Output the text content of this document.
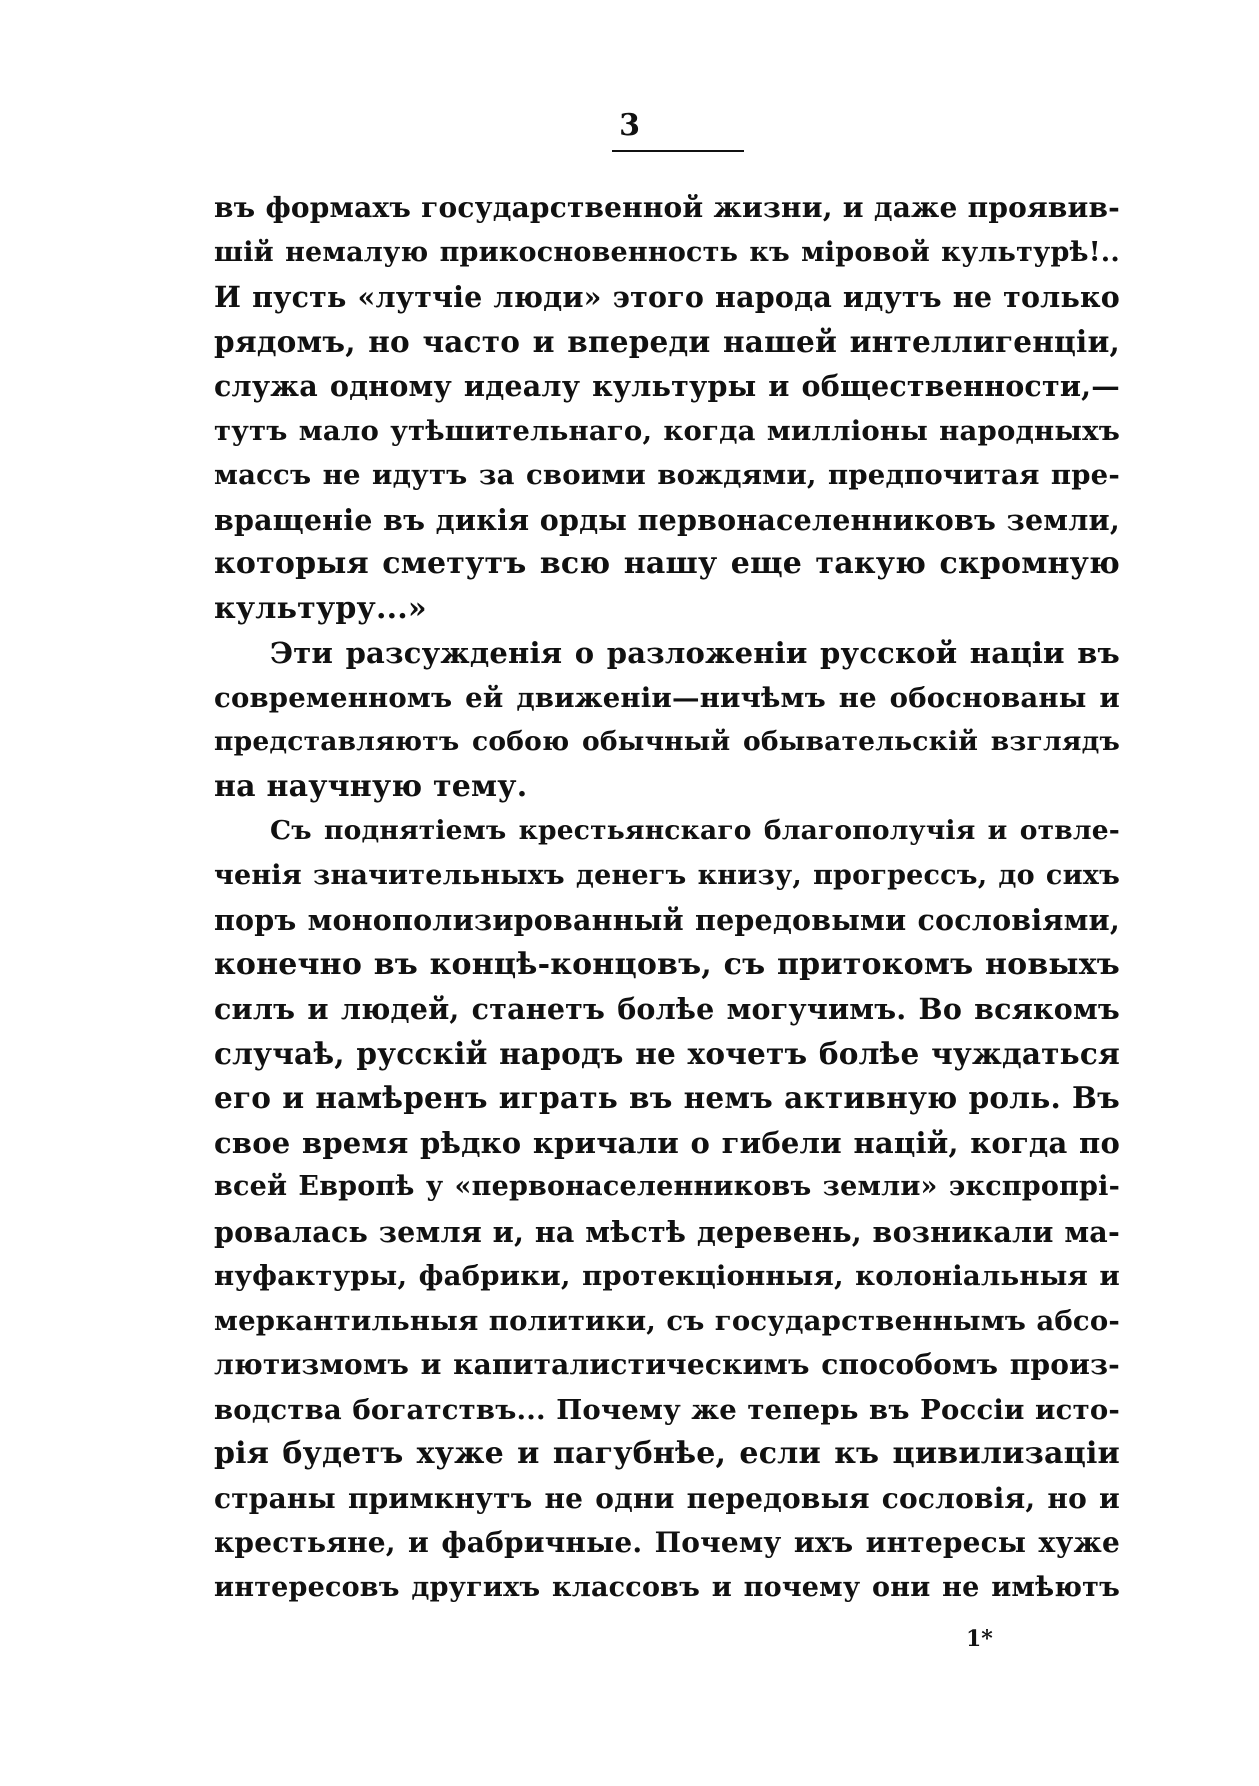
3
въ формахъ государственной жизни, и даже проявив-
шій немалую прикосновенность къ міровой культурѣ!..
И пусть «лутчіе люди» этого народа идутъ не только
рядомъ, но часто и впереди нашей интеллигенціи,
служа одному идеалу культуры и общественности,—
тутъ мало утѣшительнаго, когда милліоны народныхъ
массъ не идутъ за своими вождями, предпочитая пре-
вращеніе въ дикія орды первонаселенниковъ земли,
которыя сметутъ всю нашу еще такую скромную
культуру...»
Эти разсужденія о разложеніи русской націи въ
современномъ ей движеніи—ничѣмъ не обоснованы и
представляютъ собою обычный обывательскій взглядъ
на научную тему.
Съ поднятіемъ крестьянскаго благополучія и отвле-
ченія значительныхъ денегъ книзу, прогрессъ, до сихъ
поръ монополизированный передовыми сословіями,
конечно въ концѣ-концовъ, съ притокомъ новыхъ
силъ и людей, станетъ болѣе могучимъ. Во всякомъ
случаѣ, русскій народъ не хочетъ болѣе чуждаться
его и намѣренъ играть въ немъ активную роль. Въ
свое время рѣдко кричали о гибели націй, когда по
всей Европѣ у «первонаселенниковъ земли» экспропрі-
ровалась земля и, на мѣстѣ деревень, возникали ма-
нуфактуры, фабрики, протекціонныя, колоніальныя и
меркантильныя политики, съ государственнымъ абсо-
лютизмомъ и капиталистическимъ способомъ произ-
водства богатствъ... Почему же теперь въ Россіи исто-
рія будетъ хуже и пагубнѣе, если къ цивилизаціи
страны примкнутъ не одни передовыя сословія, но и
крестьяне, и фабричные. Почему ихъ интересы хуже
интересовъ другихъ классовъ и почему они не имѣютъ
1*
